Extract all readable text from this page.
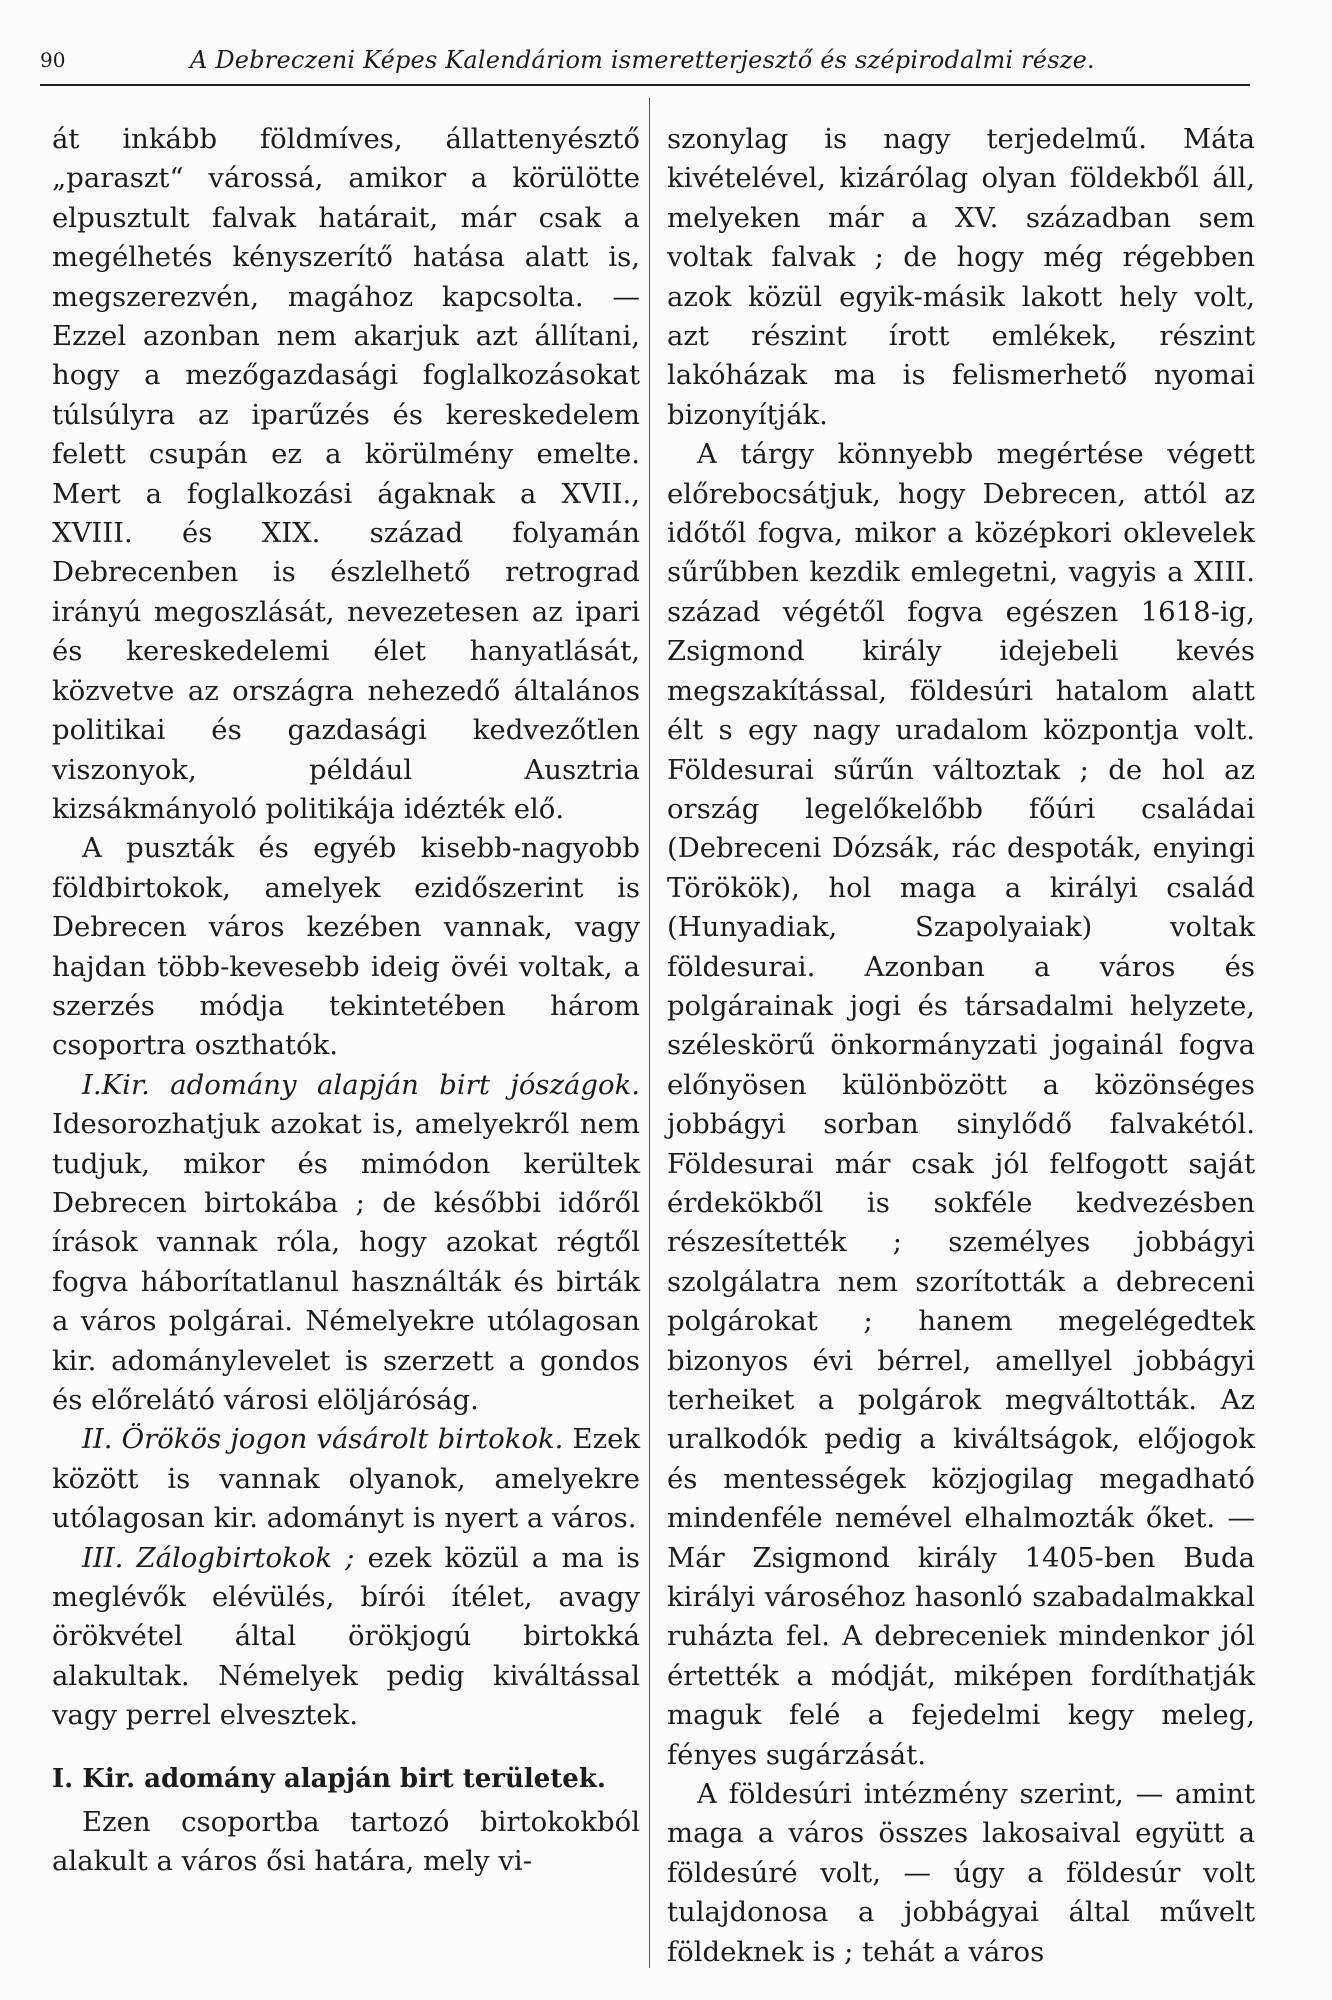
90	A Debreczeni Képes Kalendáriom ismeretterjesztő és szépirodalmi része.

át inkább földmíves, állattenyésztő „paraszt“ várossá, amikor a körülötte elpusztult falvak határait, már csak a megélhetés kényszerítő hatása alatt is, megszerezvén, magához kapcsolta. — Ezzel azonban nem akarjuk azt állítani, hogy a mezőgazdasági foglalkozásokat túlsúlyra az iparűzés és kereskedelem felett csupán ez a körülmény emelte. Mert a foglalkozási ágaknak a XVII., XVIII. és XIX. század folyamán Debrecenben is észlelhető retrograd irányú megoszlását, nevezetesen az ipari és kereskedelemi élet hanyatlását, közvetve az országra nehezedő általános politikai és gazdasági kedvezőtlen viszonyok, például Ausztria kizsákmányoló politikája idézték elő.

A puszták és egyéb kisebb-nagyobb földbirtokok, amelyek ezidőszerint is Debrecen város kezében vannak, vagy hajdan több-kevesebb ideig övéi voltak, a szerzés módja tekintetében három csoportra oszthatók.

I.Kir. adomány alapján birt jószágok. Idesorozhatjuk azokat is, amelyekről nem tudjuk, mikor és mimódon kerültek Debrecen birtokába ; de későbbi időről írások vannak róla, hogy azokat régtől fogva háborítatlanul használták és birták a város polgárai. Némelyekre utólagosan kir. adománylevelet is szerzett a gondos és előrelátó városi elöljáróság.

II. Örökös jogon vásárolt birtokok. Ezek között is vannak olyanok, amelyekre utólagosan kir. adományt is nyert a város.

III. Zálogbirtokok ; ezek közül a ma is meglévők elévülés, bírói ítélet, avagy örökvétel által örökjogú birtokká alakultak. Némelyek pedig kiváltással vagy perrel elvesztek.

I. Kir. adomány alapján birt területek.

Ezen csoportba tartozó birtokokból alakult a város ősi határa, mely vi-

szonylag is nagy terjedelmű. Máta kivételével, kizárólag olyan földekből áll, melyeken már a XV. században sem voltak falvak ; de hogy még régebben azok közül egyik-másik lakott hely volt, azt részint írott emlékek, részint lakóházak ma is felismerhető nyomai bizonyítják.

A tárgy könnyebb megértése végett előrebocsátjuk, hogy Debrecen, attól az időtől fogva, mikor a középkori oklevelek sűrűbben kezdik emlegetni, vagyis a XIII. század végétől fogva egészen 1618-ig, Zsigmond király idejebeli kevés megszakítással, földesúri hatalom alatt élt s egy nagy uradalom központja volt. Földesurai sűrűn változtak ; de hol az ország legelőkelőbb főúri családai (Debreceni Dózsák, rác despoták, enyingi Törökök), hol maga a királyi család (Hunyadiak, Szapolyaiak) voltak földesurai. Azonban a város és polgárainak jogi és társadalmi helyzete, széleskörű önkormányzati jogainál fogva előnyösen különbözött a közönséges jobbágyi sorban sinylődő falvakétól. Földesurai már csak jól felfogott saját érdekökből is sokféle kedvezésben részesítették ; személyes jobbágyi szolgálatra nem szorították a debreceni polgárokat ; hanem megelégedtek bizonyos évi bérrel, amellyel jobbágyi terheiket a polgárok megváltották. Az uralkodók pedig a kiváltságok, előjogok és mentességek közjogilag megadható mindenféle nemével elhalmozták őket. — Már Zsigmond király 1405-ben Buda királyi városéhoz hasonló szabadalmakkal ruházta fel. A debreceniek mindenkor jól értették a módját, miképen fordíthatják maguk felé a fejedelmi kegy meleg, fényes sugárzását.

A földesúri intézmény szerint, — amint maga a város összes lakosaival együtt a földesúré volt, — úgy a földesúr volt tulajdonosa a jobbágyai által művelt földeknek is ; tehát a város
